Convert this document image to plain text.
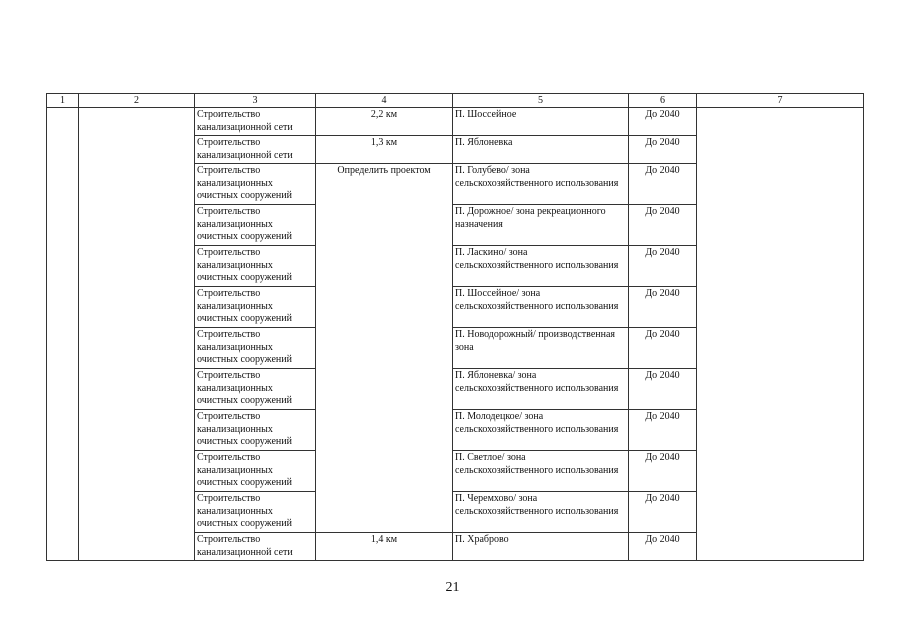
1	2	3	4	5	6	7
		Строительство канализационной сети	2,2 км	П. Шоссейное	До 2040	
		Строительство канализационной сети	1,3 км	П. Яблоневка	До 2040	
		Строительство канализационных очистных сооружений	Определить проектом	П. Голубево/ зона сельскохозяйственного использования	До 2040	
		Строительство канализационных очистных сооружений		П. Дорожное/ зона рекреационного назначения	До 2040	
		Строительство канализационных очистных сооружений		П. Ласкино/ зона сельскохозяйственного использования	До 2040	
		Строительство канализационных очистных сооружений		П. Шоссейное/ зона сельскохозяйственного использования	До 2040	
		Строительство канализационных очистных сооружений		П. Новодорожный/ производственная зона	До 2040	
		Строительство канализационных очистных сооружений		П. Яблоневка/ зона сельскохозяйственного использования	До 2040	
		Строительство канализационных очистных сооружений		П. Молодецкое/ зона сельскохозяйственного использования	До 2040	
		Строительство канализационных очистных сооружений		П. Светлое/ зона сельскохозяйственного использования	До 2040	
		Строительство канализационных очистных сооружений		П. Черемхово/ зона сельскохозяйственного использования	До 2040	
		Строительство канализационной сети	1,4 км	П. Храброво	До 2040	
21
